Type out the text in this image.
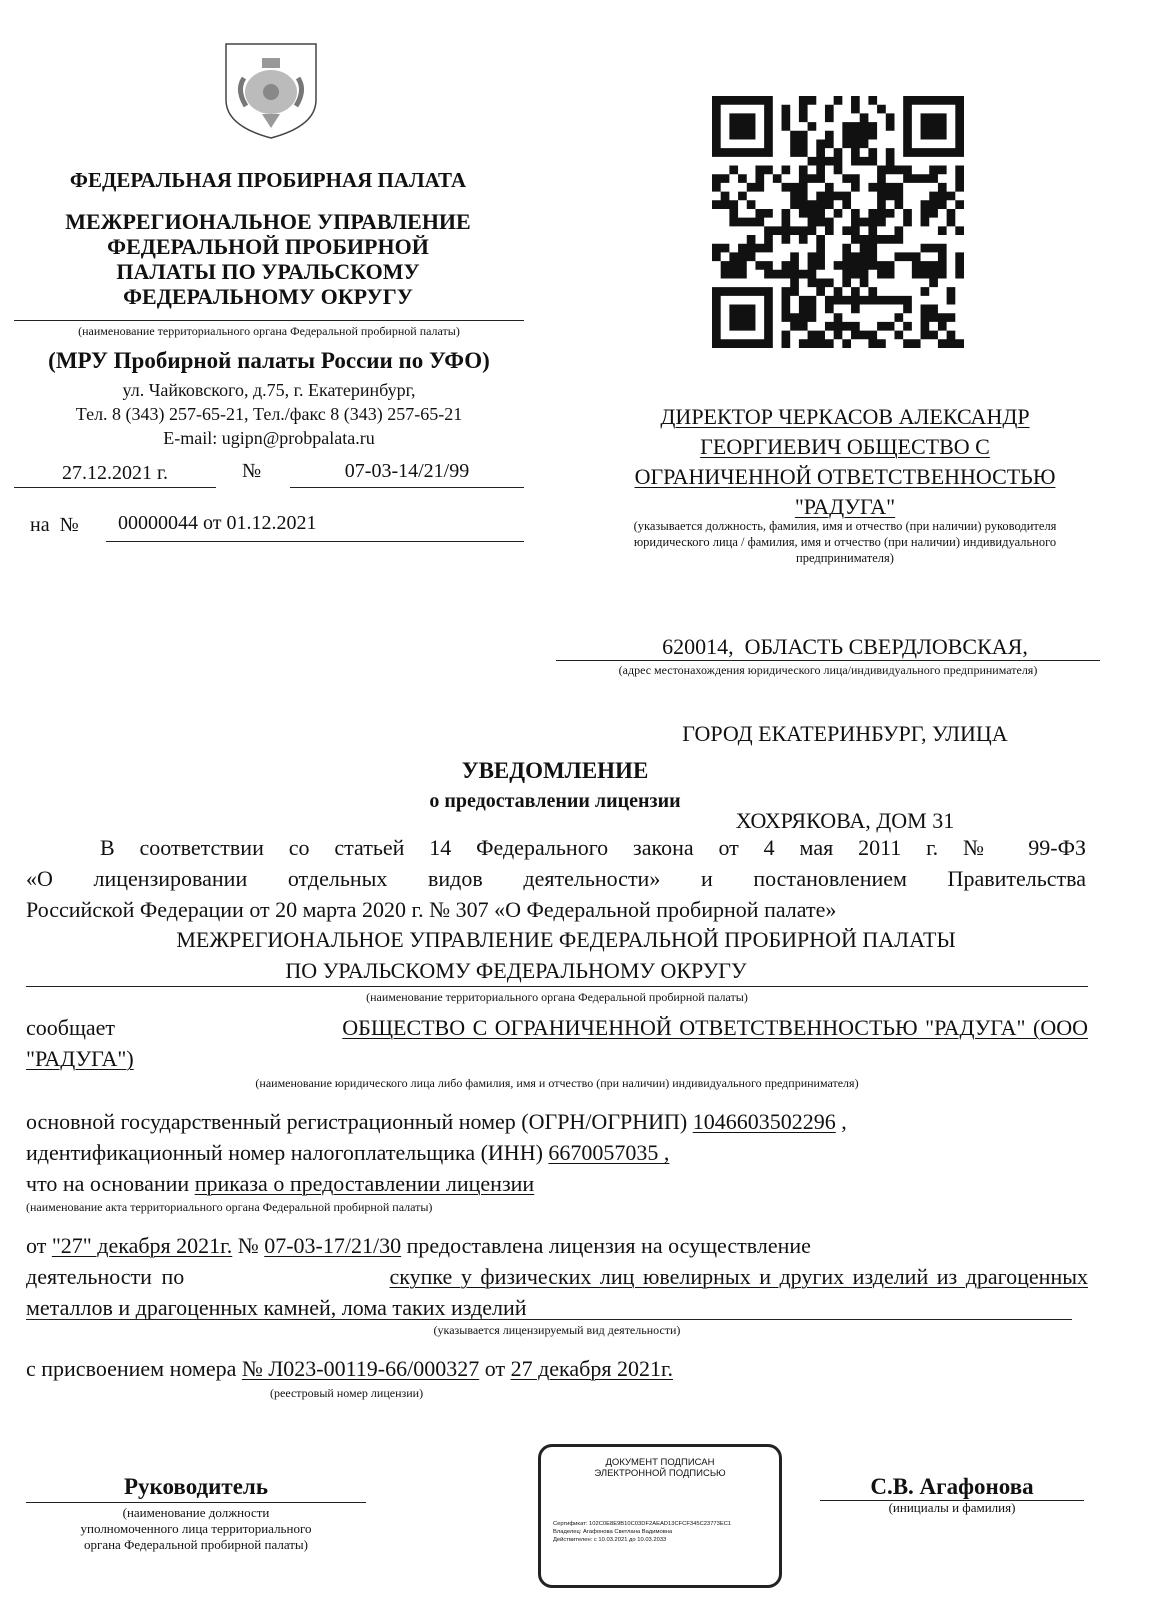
ФЕДЕРАЛЬНАЯ ПРОБИРНАЯ ПАЛАТА
МЕЖРЕГИОНАЛЬНОЕ УПРАВЛЕНИЕ
ФЕДЕРАЛЬНОЙ ПРОБИРНОЙ
ПАЛАТЫ ПО УРАЛЬСКОМУ
ФЕДЕРАЛЬНОМУ ОКРУГУ
(наименование территориального органа Федеральной пробирной палаты)
(МРУ Пробирной палаты России по УФО)
ул. Чайковского, д.75, г. Екатеринбург,
Тел. 8 (343) 257-65-21, Тел./факс 8 (343) 257-65-21
E-mail: ugipn@probpalata.ru
27.12.2021 г.	№	07-03-14/21/99
на  №	00000044 от 01.12.2021
ДИРЕКТОР ЧЕРКАСОВ АЛЕКСАНДР
ГЕОРГИЕВИЧ ОБЩЕСТВО С
ОГРАНИЧЕННОЙ ОТВЕТСТВЕННОСТЬЮ
"РАДУГА"
(указывается должность, фамилия, имя и отчество (при наличии) руководителя
юридического лица / фамилия, имя и отчество (при наличии) индивидуального
предпринимателя)

620014,  ОБЛАСТЬ СВЕРДЛОВСКАЯ,

ГОРОД ЕКАТЕРИНБУРГ, УЛИЦА

ХОХРЯКОВА, ДОМ 31

(адрес местонахождения юридического лица/индивидуального предпринимателя)
УВЕДОМЛЕНИЕ
о предоставлении лицензии
В соответствии со статьей 14 Федерального закона от 4 мая 2011 г. № 99-ФЗ
«О лицензировании отдельных видов деятельности» и постановлением Правительства
Российской Федерации от 20 марта 2020 г. № 307 «О Федеральной пробирной палате»
МЕЖРЕГИОНАЛЬНОЕ УПРАВЛЕНИЕ ФЕДЕРАЛЬНОЙ ПРОБИРНОЙ ПАЛАТЫ
ПО УРАЛЬСКОМУ ФЕДЕРАЛЬНОМУ ОКРУГУ
(наименование территориального органа Федеральной пробирной палаты)
сообщает	ОБЩЕСТВО С ОГРАНИЧЕННОЙ ОТВЕТСТВЕННОСТЬЮ "РАДУГА" (ООО
"РАДУГА")
(наименование юридического лица либо фамилия, имя и отчество (при наличии) индивидуального предпринимателя)
основной государственный регистрационный номер (ОГРН/ОГРНИП) 1046603502296 ,
идентификационный номер налогоплательщика (ИНН) 6670057035 ,
что на основании приказа о предоставлении лицензии
(наименование акта территориального органа Федеральной пробирной палаты)
от "27" декабря 2021г. № 07-03-17/21/30 предоставлена лицензия на осуществление
деятельности по	скупке у физических лиц ювелирных и других изделий из драгоценных
металлов и драгоценных камней, лома таких изделий
(указывается лицензируемый вид деятельности)
с присвоением номера № Л023-00119-66/000327 от 27 декабря 2021г.
(реестровый номер лицензии)
Руководитель
(наименование должности
уполномоченного лица территориального
органа Федеральной пробирной палаты)
ДОКУМЕНТ ПОДПИСАН
ЭЛЕКТРОННОЙ ПОДПИСЬЮ
Сертификат: 102C0E8E9B10C03DF2AEAD13CFCF345C23773EC1
Владелец: Агафонова Светлана Вадимовна
Действителен: с 10.03.2021 до 10.03.2033
С.В. Агафонова
(инициалы и фамилия)
